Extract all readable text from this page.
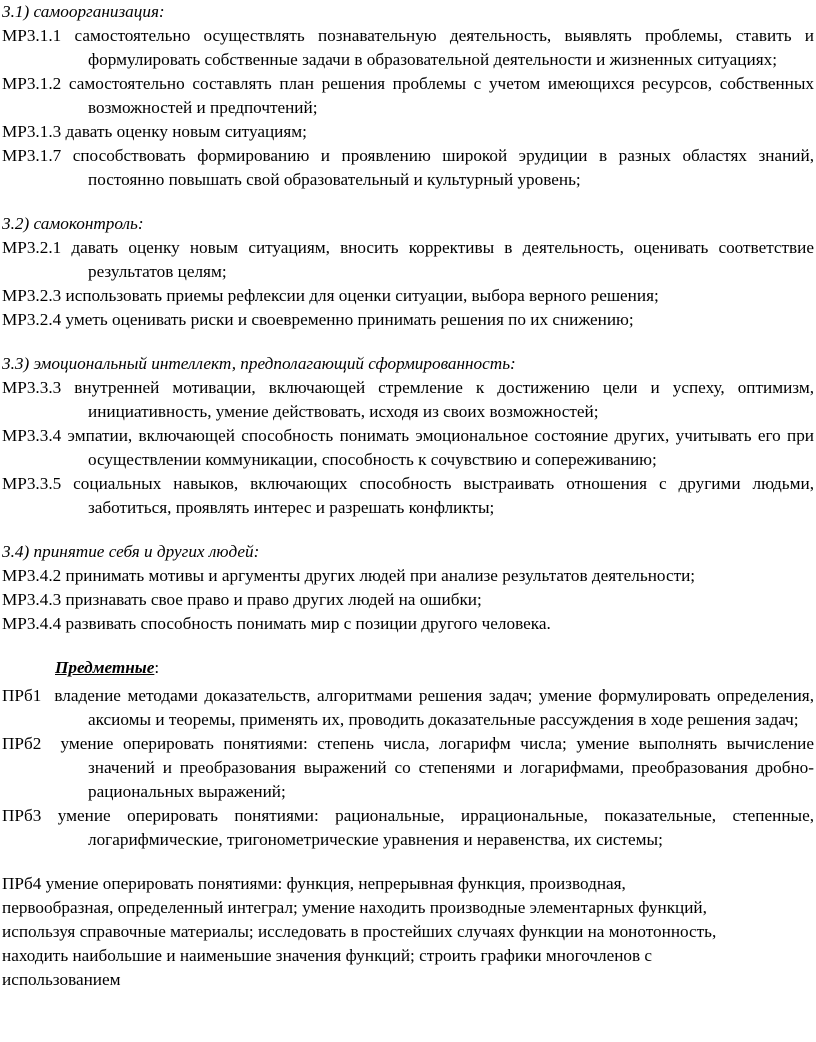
3.1) самоорганизация:

МР3.1.1 самостоятельно осуществлять познавательную деятельность, выявлять проблемы, ставить и формулировать собственные задачи в образовательной деятельности и жизненных ситуациях;

МР3.1.2 самостоятельно составлять план решения проблемы с учетом имеющихся ресурсов, собственных возможностей и предпочтений;

МР3.1.3 давать оценку новым ситуациям;

МР3.1.7 способствовать формированию и проявлению широкой эрудиции в разных областях знаний, постоянно повышать свой образовательный и культурный уровень;

3.2) самоконтроль:

МР3.2.1 давать оценку новым ситуациям, вносить коррективы в деятельность, оценивать соответствие результатов целям;

МР3.2.3 использовать приемы рефлексии для оценки ситуации, выбора верного решения;

МР3.2.4 уметь оценивать риски и своевременно принимать решения по их снижению;

3.3) эмоциональный интеллект, предполагающий сформированность:

МР3.3.3 внутренней мотивации, включающей стремление к достижению цели и успеху, оптимизм, инициативность, умение действовать, исходя из своих возможностей;

МР3.3.4 эмпатии, включающей способность понимать эмоциональное состояние других, учитывать его при осуществлении коммуникации, способность к сочувствию и сопереживанию;

МР3.3.5 социальных навыков, включающих способность выстраивать отношения с другими людьми, заботиться, проявлять интерес и разрешать конфликты;

3.4) принятие себя и других людей:

МР3.4.2 принимать мотивы и аргументы других людей при анализе результатов деятельности;

МР3.4.3 признавать свое право и право других людей на ошибки;

МР3.4.4 развивать способность понимать мир с позиции другого человека.

Предметные:

ПРб1 владение методами доказательств, алгоритмами решения задач; умение формулировать определения, аксиомы и теоремы, применять их, проводить доказательные рассуждения в ходе решения задач;

ПРб2 умение оперировать понятиями: степень числа, логарифм числа; умение выполнять вычисление значений и преобразования выражений со степенями и логарифмами, преобразования дробно-рациональных выражений;

ПРб3 умение оперировать понятиями: рациональные, иррациональные, показательные, степенные, логарифмические, тригонометрические уравнения и неравенства, их системы;

ПРб4 умение оперировать понятиями: функция, непрерывная функция, производная,

первообразная, определенный интеграл; умение находить производные элементарных функций,

используя справочные материалы; исследовать в простейших случаях функции на монотонность,

находить наибольшие и наименьшие значения функций; строить графики многочленов с

использованием
